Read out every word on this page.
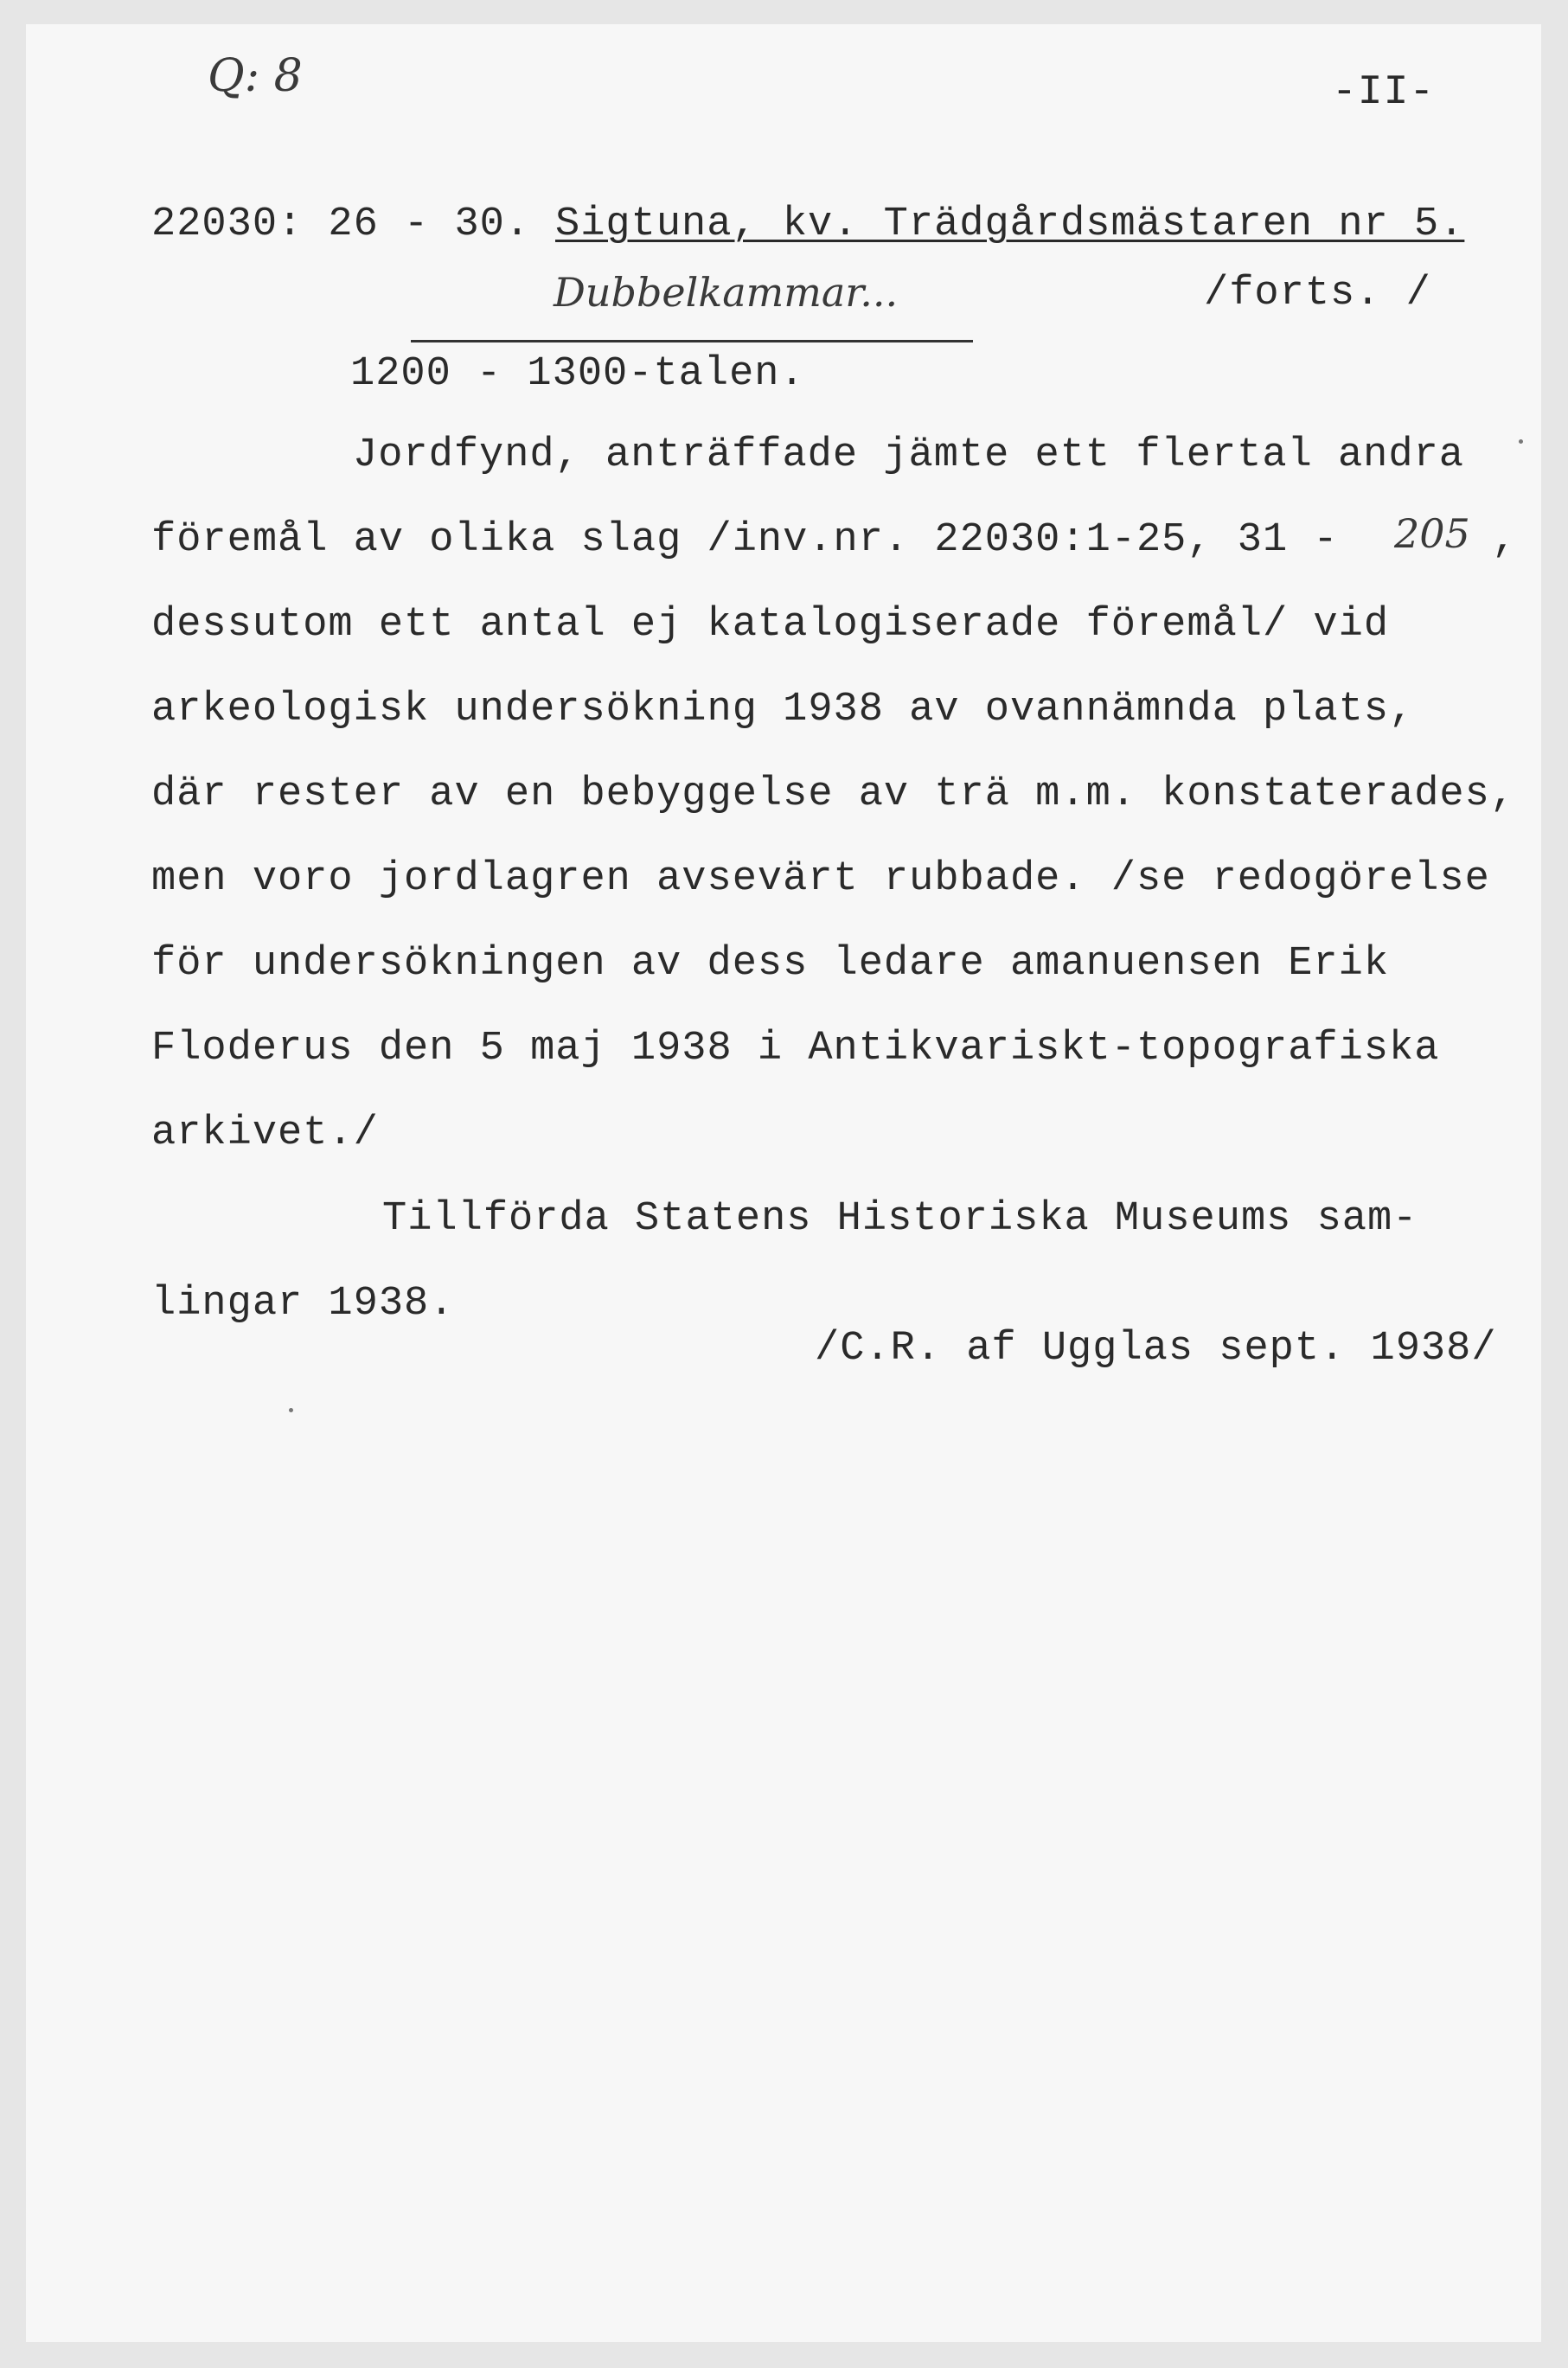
Q: 8	-II-
22030: 26 - 30. Sigtuna, kv. Trädgårdsmästaren nr 5.
Dubbelkammar...	/forts. /
1200 - 1300-talen.
Jordfynd, anträffade jämte ett flertal andra
föremål av olika slag /inv.nr. 22030:1-25, 31 - 205 ,
dessutom ett antal ej katalogiserade föremål/ vid
arkeologisk undersökning 1938 av ovannämnda plats,
där rester av en bebyggelse av trä m.m. konstaterades,
men voro jordlagren avsevärt rubbade. /se redogörelse
för undersökningen av dess ledare amanuensen Erik
Floderus den 5 maj 1938 i Antikvariskt-topografiska
arkivet./
Tillförda Statens Historiska Museums sam-
lingar 1938.
/C.R. af Ugglas sept. 1938/
